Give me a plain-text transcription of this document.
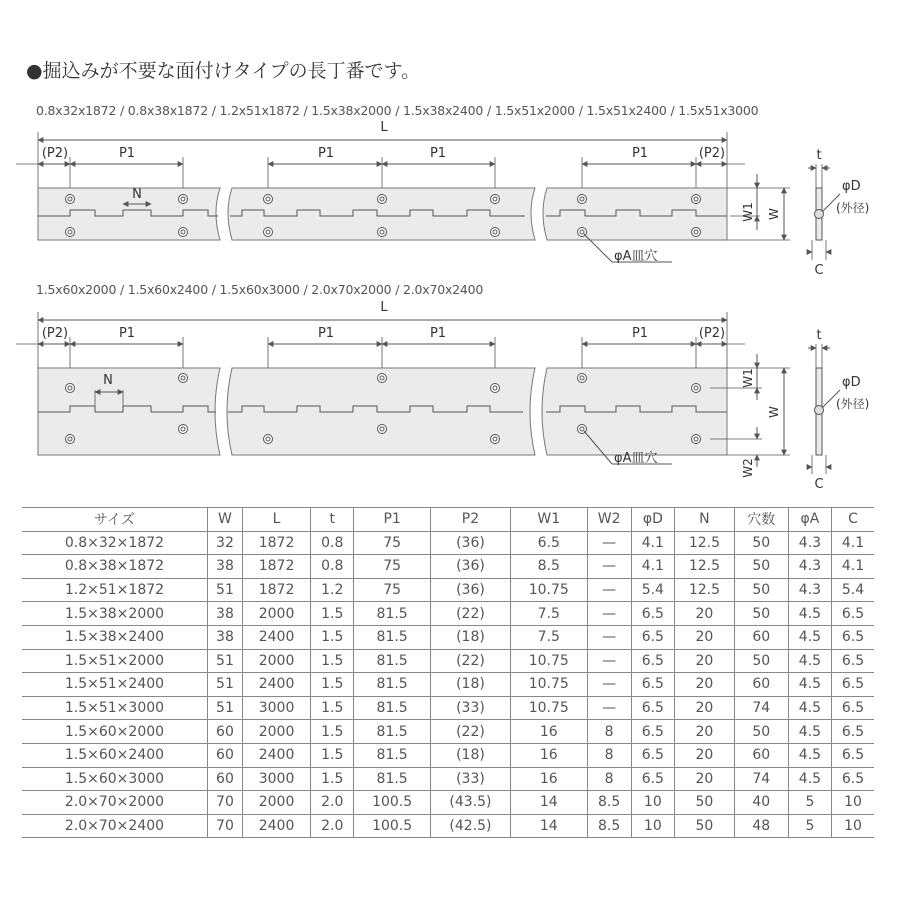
●掘込みが不要な面付けタイプの長丁番です。
0.8x32x1872 / 0.8x38x1872 / 1.2x51x1872 / 1.5x38x2000 / 1.5x38x2400 / 1.5x51x2000 / 1.5x51x2400 / 1.5x51x3000
L
(P2)	P1	P1	P1	P1	(P2)
N
φA皿穴
W1 W
t
C
φD
(外径)
1.5x60x2000 / 1.5x60x2400 / 1.5x60x3000 / 2.0x70x2000 / 2.0x70x2400
L
(P2)	P1	P1	P1	P1	(P2)
N
φA皿穴
W1
W2
W
t
C
φD
(外径)
サイズ	W	L	t	P1	P2	W1	W2	φD	N	穴数	φA	C
0.8×32×1872	32	1872	0.8	75	(36)	6.5	—	4.1	12.5	50	4.3	4.1
0.8×38×1872	38	1872	0.8	75	(36)	8.5	—	4.1	12.5	50	4.3	4.1
1.2×51×1872	51	1872	1.2	75	(36)	10.75	—	5.4	12.5	50	4.3	5.4
1.5×38×2000	38	2000	1.5	81.5	(22)	7.5	—	6.5	20	50	4.5	6.5
1.5×38×2400	38	2400	1.5	81.5	(18)	7.5	—	6.5	20	60	4.5	6.5
1.5×51×2000	51	2000	1.5	81.5	(22)	10.75	—	6.5	20	50	4.5	6.5
1.5×51×2400	51	2400	1.5	81.5	(18)	10.75	—	6.5	20	60	4.5	6.5
1.5×51×3000	51	3000	1.5	81.5	(33)	10.75	—	6.5	20	74	4.5	6.5
1.5×60×2000	60	2000	1.5	81.5	(22)	16	8	6.5	20	50	4.5	6.5
1.5×60×2400	60	2400	1.5	81.5	(18)	16	8	6.5	20	60	4.5	6.5
1.5×60×3000	60	3000	1.5	81.5	(33)	16	8	6.5	20	74	4.5	6.5
2.0×70×2000	70	2000	2.0	100.5	(43.5)	14	8.5	10	50	40	5	10
2.0×70×2400	70	2400	2.0	100.5	(42.5)	14	8.5	10	50	48	5	10
